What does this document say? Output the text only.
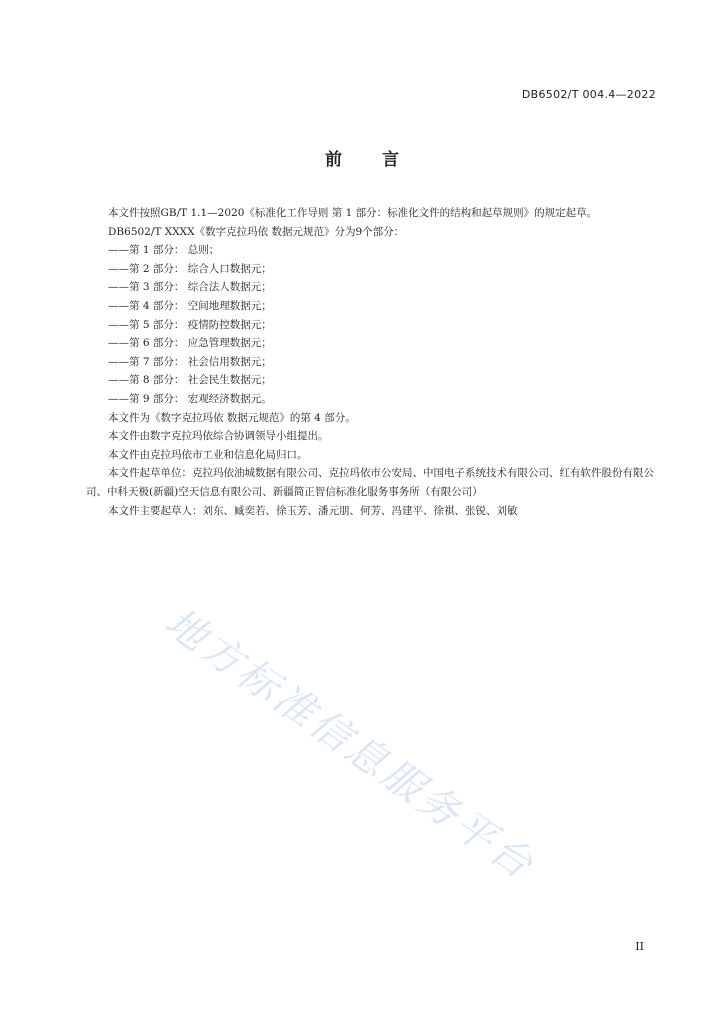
DB6502/T 004.4—2022
前言

本文件按照GB/T 1.1—2020《标准化工作导则 第 1 部分：标准化文件的结构和起草规则》的规定起草。

DB6502/T XXXX《数字克拉玛依 数据元规范》分为9个部分：

——第 1 部分： 总则；

——第 2 部分： 综合人口数据元；

——第 3 部分： 综合法人数据元；

——第 4 部分： 空间地理数据元；

——第 5 部分： 疫情防控数据元；

——第 6 部分： 应急管理数据元；

——第 7 部分： 社会信用数据元；

——第 8 部分： 社会民生数据元；

——第 9 部分： 宏观经济数据元。

本文件为《数字克拉玛依 数据元规范》的第 4 部分。

本文件由数字克拉玛依综合协调领导小组提出。

本文件由克拉玛依市工业和信息化局归口。

本文件起草单位：克拉玛依油城数据有限公司、克拉玛依市公安局、中国电子系统技术有限公司、红有软件股份有限公司、中科天极(新疆)空天信息有限公司、新疆简正智信标准化服务事务所（有限公司）

本文件主要起草人：刘东、臧奕若、徐玉芳、潘元朋、何芳、冯建平、徐祺、张锐、刘敏

地方标准信息服务平台
II
